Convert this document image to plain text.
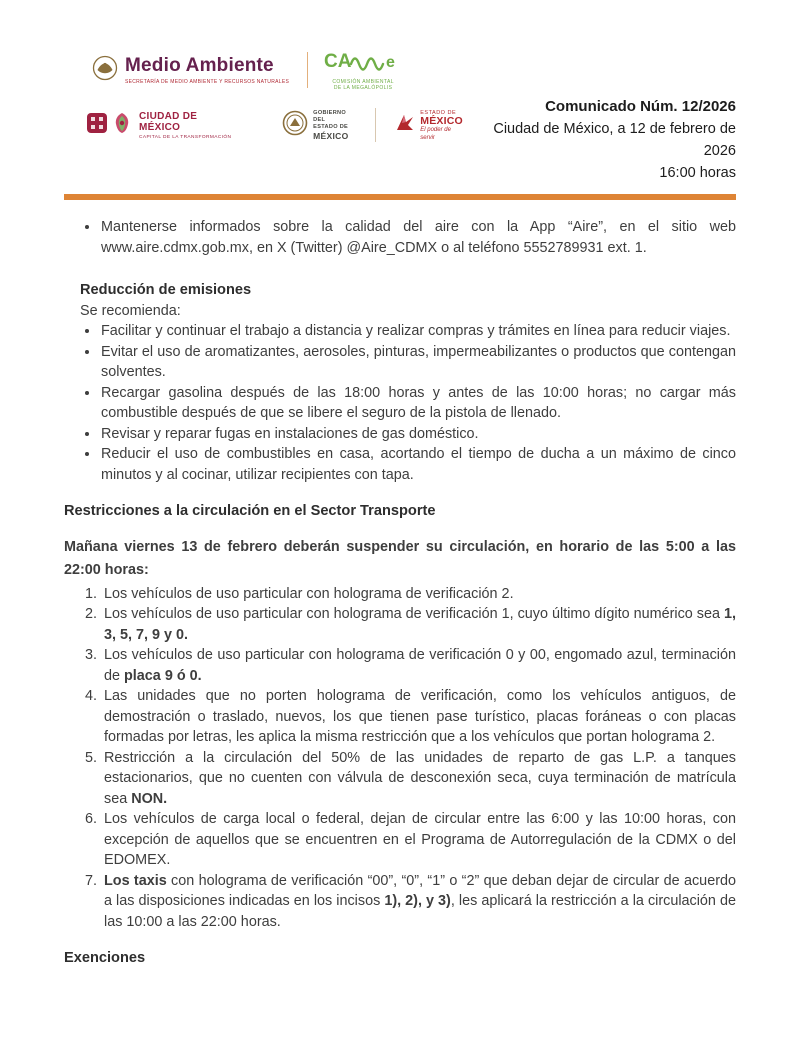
Medio Ambiente
SECRETARÍA DE MEDIO AMBIENTE Y RECURSOS NATURALES
CA e
COMISIÓN AMBIENTAL
DE LA MEGALÓPOLIS
CIUDAD DE MÉXICO
CAPITAL DE LA TRANSFORMACIÓN
GOBIERNO DEL
ESTADO DE
MÉXICO
ESTADO DE
MÉXICO
El poder de servir
Comunicado Núm. 12/2026
Ciudad de México, a 12 de febrero de 2026
16:00 horas
• Mantenerse informados sobre la calidad del aire con la App “Aire”, en el sitio web www.aire.cdmx.gob.mx, en X (Twitter) @Aire_CDMX o al teléfono 5552789931 ext. 1.
Reducción de emisiones

Se recomienda:

• Facilitar y continuar el trabajo a distancia y realizar compras y trámites en línea para reducir viajes.
• Evitar el uso de aromatizantes, aerosoles, pinturas, impermeabilizantes o productos que contengan solventes.
• Recargar gasolina después de las 18:00 horas y antes de las 10:00 horas; no cargar más combustible después de que se libere el seguro de la pistola de llenado.
• Revisar y reparar fugas en instalaciones de gas doméstico.
• Reducir el uso de combustibles en casa, acortando el tiempo de ducha a un máximo de cinco minutos y al cocinar, utilizar recipientes con tapa.
Restricciones a la circulación en el Sector Transporte

Mañana viernes 13 de febrero deberán suspender su circulación, en horario de las 5:00 a las 22:00 horas:

1. Los vehículos de uso particular con holograma de verificación 2.
2. Los vehículos de uso particular con holograma de verificación 1, cuyo último dígito numérico sea 1, 3, 5, 7, 9 y 0.
3. Los vehículos de uso particular con holograma de verificación 0 y 00, engomado azul, terminación de placa 9 ó 0.
4. Las unidades que no porten holograma de verificación, como los vehículos antiguos, de demostración o traslado, nuevos, los que tienen pase turístico, placas foráneas o con placas formadas por letras, les aplica la misma restricción que a los vehículos que portan holograma 2.
5. Restricción a la circulación del 50% de las unidades de reparto de gas L.P. a tanques estacionarios, que no cuenten con válvula de desconexión seca, cuya terminación de matrícula sea NON.
6. Los vehículos de carga local o federal, dejan de circular entre las 6:00 y las 10:00 horas, con excepción de aquellos que se encuentren en el Programa de Autorregulación de la CDMX o del EDOMEX.
7. Los taxis con holograma de verificación “00”, “0”, “1” o “2” que deban dejar de circular de acuerdo a las disposiciones indicadas en los incisos 1), 2), y 3), les aplicará la restricción a la circulación de las 10:00 a las 22:00 horas.
Exenciones
